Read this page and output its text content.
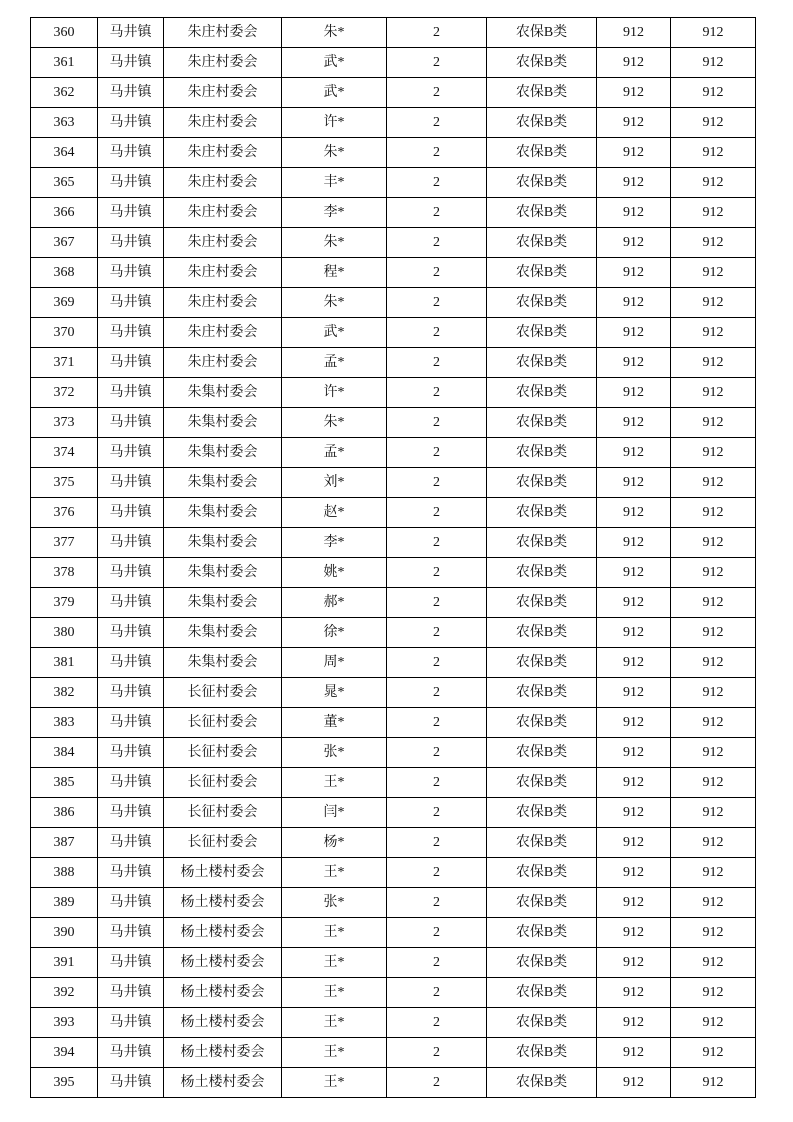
360	马井镇	朱庄村委会	朱*	2	农保B类	912	912
361	马井镇	朱庄村委会	武*	2	农保B类	912	912
362	马井镇	朱庄村委会	武*	2	农保B类	912	912
363	马井镇	朱庄村委会	许*	2	农保B类	912	912
364	马井镇	朱庄村委会	朱*	2	农保B类	912	912
365	马井镇	朱庄村委会	丰*	2	农保B类	912	912
366	马井镇	朱庄村委会	李*	2	农保B类	912	912
367	马井镇	朱庄村委会	朱*	2	农保B类	912	912
368	马井镇	朱庄村委会	程*	2	农保B类	912	912
369	马井镇	朱庄村委会	朱*	2	农保B类	912	912
370	马井镇	朱庄村委会	武*	2	农保B类	912	912
371	马井镇	朱庄村委会	孟*	2	农保B类	912	912
372	马井镇	朱集村委会	许*	2	农保B类	912	912
373	马井镇	朱集村委会	朱*	2	农保B类	912	912
374	马井镇	朱集村委会	孟*	2	农保B类	912	912
375	马井镇	朱集村委会	刘*	2	农保B类	912	912
376	马井镇	朱集村委会	赵*	2	农保B类	912	912
377	马井镇	朱集村委会	李*	2	农保B类	912	912
378	马井镇	朱集村委会	姚*	2	农保B类	912	912
379	马井镇	朱集村委会	郝*	2	农保B类	912	912
380	马井镇	朱集村委会	徐*	2	农保B类	912	912
381	马井镇	朱集村委会	周*	2	农保B类	912	912
382	马井镇	长征村委会	晁*	2	农保B类	912	912
383	马井镇	长征村委会	董*	2	农保B类	912	912
384	马井镇	长征村委会	张*	2	农保B类	912	912
385	马井镇	长征村委会	王*	2	农保B类	912	912
386	马井镇	长征村委会	闫*	2	农保B类	912	912
387	马井镇	长征村委会	杨*	2	农保B类	912	912
388	马井镇	杨土楼村委会	王*	2	农保B类	912	912
389	马井镇	杨土楼村委会	张*	2	农保B类	912	912
390	马井镇	杨土楼村委会	王*	2	农保B类	912	912
391	马井镇	杨土楼村委会	王*	2	农保B类	912	912
392	马井镇	杨土楼村委会	王*	2	农保B类	912	912
393	马井镇	杨土楼村委会	王*	2	农保B类	912	912
394	马井镇	杨土楼村委会	王*	2	农保B类	912	912
395	马井镇	杨土楼村委会	王*	2	农保B类	912	912
